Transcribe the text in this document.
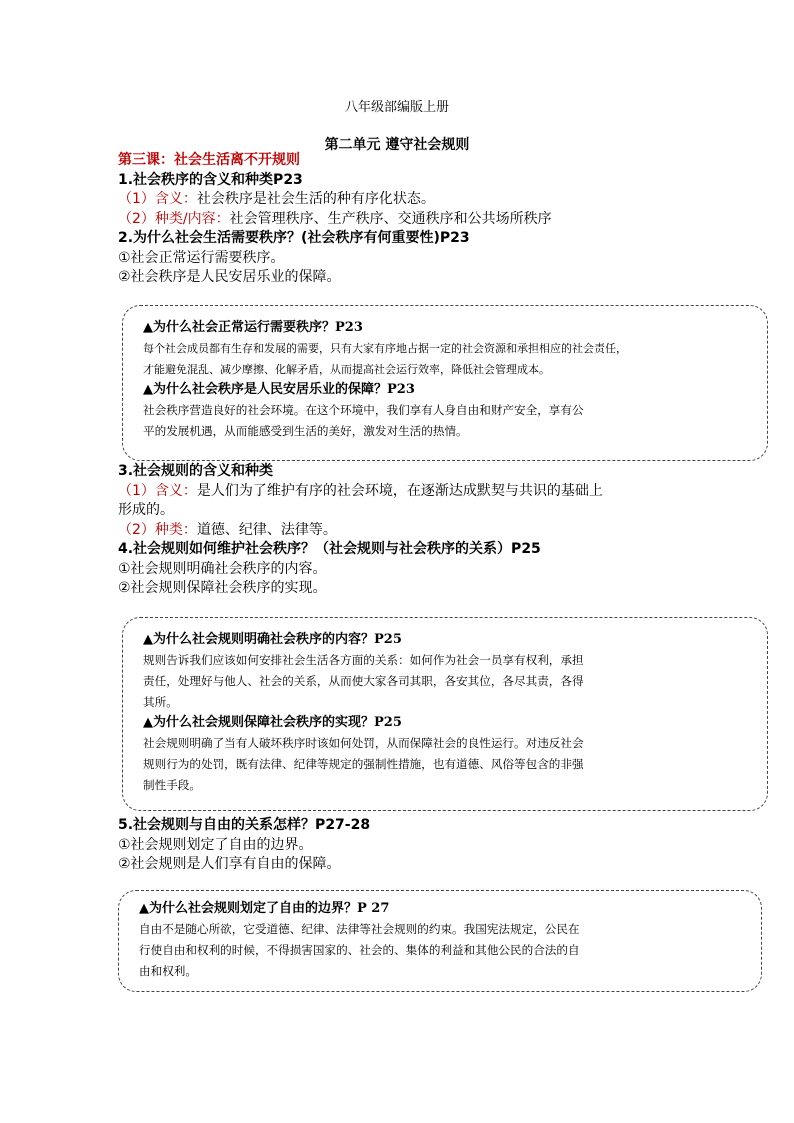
八年级部编版上册
第二单元 遵守社会规则
第三课：社会生活离不开规则
1.社会秩序的含义和种类P23
（1）含义：社会秩序是社会生活的种有序化状态。
（2）种类/内容：社会管理秩序、生产秩序、交通秩序和公共场所秩序
2.为什么社会生活需要秩序？(社会秩序有何重要性)P23
①社会正常运行需要秩序。
②社会秩序是人民安居乐业的保障。
▲为什么社会正常运行需要秩序？P23
每个社会成员都有生存和发展的需要，只有大家有序地占据一定的社会资源和承担相应的社会责任，
才能避免混乱、减少摩擦、化解矛盾，从而提高社会运行效率，降低社会管理成本。
▲为什么社会秩序是人民安居乐业的保障？P23
社会秩序营造良好的社会环境。在这个环境中，我们享有人身自由和财产安全，享有公
平的发展机遇，从而能感受到生活的美好，激发对生活的热情。
3.社会规则的含义和种类
（1）含义：是人们为了维护有序的社会环境，在逐渐达成默契与共识的基础上
形成的。
（2）种类：道德、纪律、法律等。
4.社会规则如何维护社会秩序？（社会规则与社会秩序的关系）P25
①社会规则明确社会秩序的内容。
②社会规则保障社会秩序的实现。
▲为什么社会规则明确社会秩序的内容？P25
规则告诉我们应该如何安排社会生活各方面的关系：如何作为社会一员享有权利，承担
责任，处理好与他人、社会的关系，从而使大家各司其职，各安其位，各尽其责，各得
其所。
▲为什么社会规则保障社会秩序的实现？P25
社会规则明确了当有人破坏秩序时该如何处罚，从而保障社会的良性运行。对违反社会
规则行为的处罚，既有法律、纪律等规定的强制性措施，也有道德、风俗等包含的非强
制性手段。
5.社会规则与自由的关系怎样？P27-28
①社会规则划定了自由的边界。
②社会规则是人们享有自由的保障。
▲为什么社会规则划定了自由的边界？P 27
自由不是随心所欲，它受道德、纪律、法律等社会规则的约束。我国宪法规定，公民在
行使自由和权利的时候，不得损害国家的、社会的、集体的利益和其他公民的合法的自
由和权利。
